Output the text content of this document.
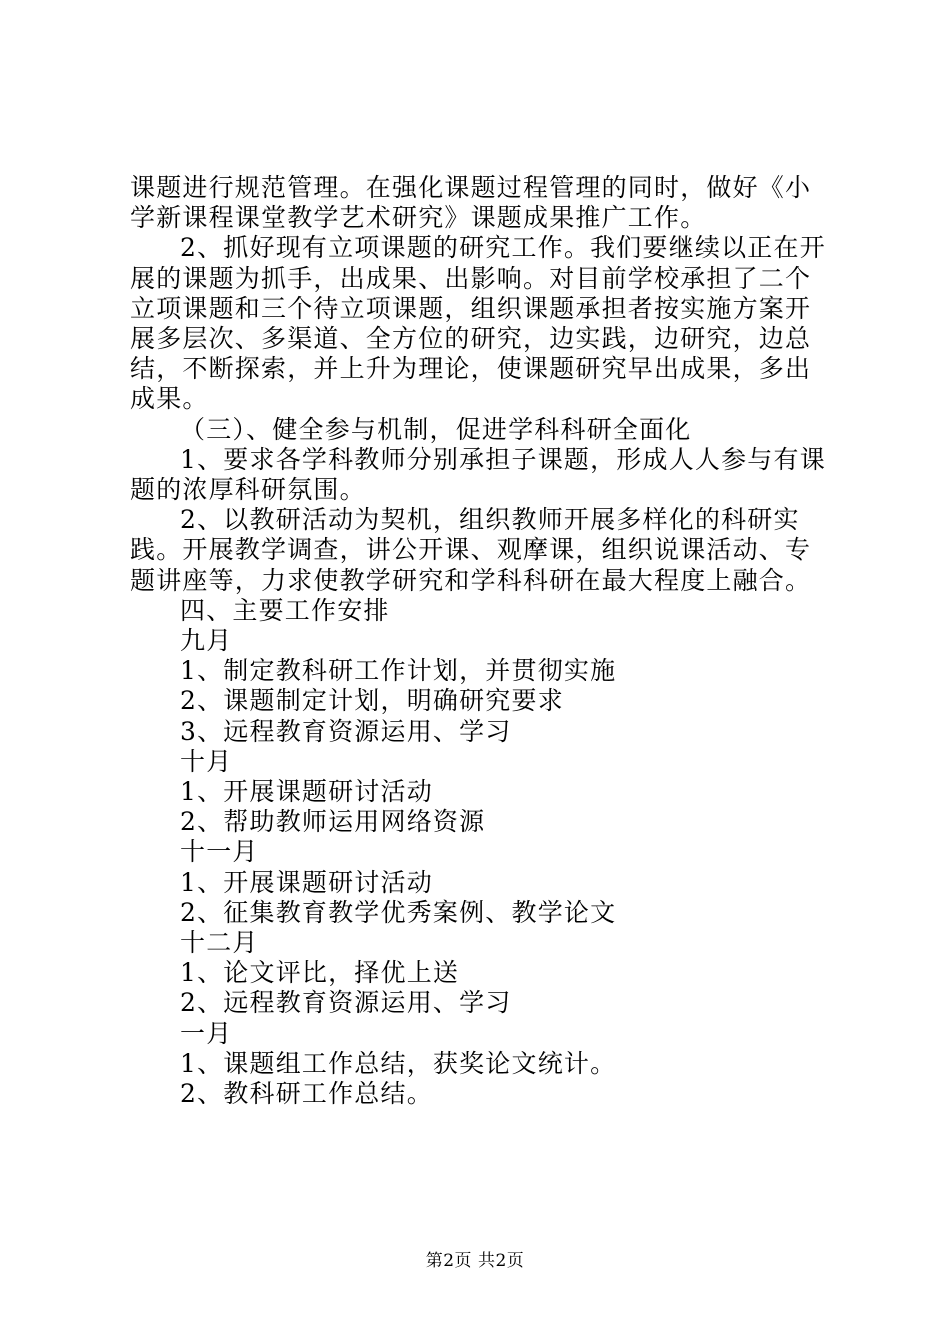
课题进行规范管理。在强化课题过程管理的同时，做好《小学新课程课堂教学艺术研究》课题成果推广工作。

2、抓好现有立项课题的研究工作。我们要继续以正在开展的课题为抓手，出成果、出影响。对目前学校承担了二个立项课题和三个待立项课题，组织课题承担者按实施方案开展多层次、多渠道、全方位的研究，边实践，边研究，边总结，不断探索，并上升为理论，使课题研究早出成果，多出成果。

（三）、健全参与机制，促进学科科研全面化

1、要求各学科教师分别承担子课题，形成人人参与有课题的浓厚科研氛围。

2、以教研活动为契机，组织教师开展多样化的科研实践。开展教学调查，讲公开课、观摩课，组织说课活动、专题讲座等，力求使教学研究和学科科研在最大程度上融合。

四、主要工作安排

九月

1、制定教科研工作计划，并贯彻实施

2、课题制定计划，明确研究要求

3、远程教育资源运用、学习

十月

1、开展课题研讨活动

2、帮助教师运用网络资源

十一月

1、开展课题研讨活动

2、征集教育教学优秀案例、教学论文

十二月

1、论文评比，择优上送

2、远程教育资源运用、学习

一月

1、课题组工作总结，获奖论文统计。

2、教科研工作总结。

第2页 共2页
